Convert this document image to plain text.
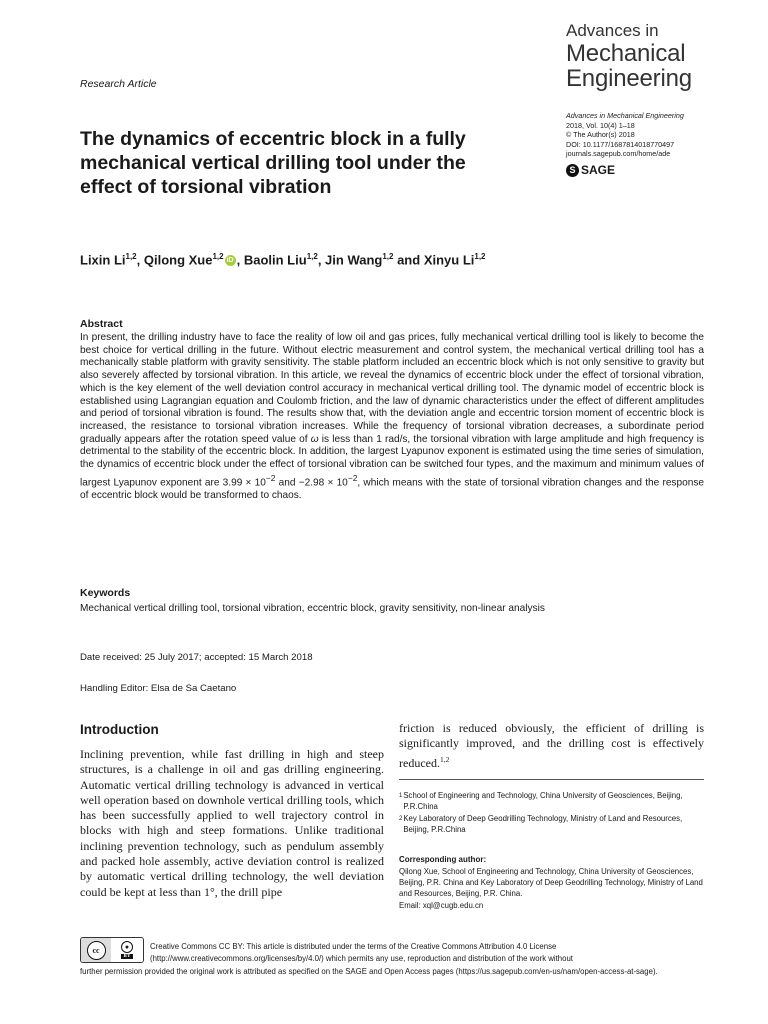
Advances in
Mechanical
Engineering
Research Article
Advances in Mechanical Engineering
2018, Vol. 10(4) 1–18
© The Author(s) 2018
DOI: 10.1177/1687814018770497
journals.sagepub.com/home/ade
S SAGE
The dynamics of eccentric block in a fully mechanical vertical drilling tool under the effect of torsional vibration
Lixin Li$^{1,2}$, Qilong Xue$^{1,2}$ iD , Baolin Liu$^{1,2}$, Jin Wang$^{1,2}$ and Xinyu Li$^{1,2}$
Abstract
In present, the drilling industry have to face the reality of low oil and gas prices, fully mechanical vertical drilling tool is likely to become the best choice for vertical drilling in the future. Without electric measurement and control system, the mechanical vertical drilling tool has a mechanically stable platform with gravity sensitivity. The stable platform included an eccentric block which is not only sensitive to gravity but also severely affected by torsional vibration. In this article, we reveal the dynamics of eccentric block under the effect of torsional vibration, which is the key element of the well deviation control accuracy in mechanical vertical drilling tool. The dynamic model of eccentric block is established using Lagrangian equation and Coulomb friction, and the law of dynamic characteristics under the effect of different amplitudes and period of torsional vibration is found. The results show that, with the deviation angle and eccentric torsion moment of eccentric block is increased, the resistance to torsional vibration increases. While the frequency of torsional vibration decreases, a subordinate period gradually appears after the rotation speed value of ω is less than 1 rad/s, the torsional vibration with large amplitude and high frequency is detrimental to the stability of the eccentric block. In addition, the largest Lyapunov exponent is estimated using the time series of simulation, the dynamics of eccentric block under the effect of torsional vibration can be switched four types, and the maximum and minimum values of largest Lyapunov exponent are $3.99 \times 10^{-2}$ and $-2.98 \times 10^{-2}$, which means with the state of torsional vibration changes and the response of eccentric block would be transformed to chaos.
Keywords
Mechanical vertical drilling tool, torsional vibration, eccentric block, gravity sensitivity, non-linear analysis
Date received: 25 July 2017; accepted: 15 March 2018
Handling Editor: Elsa de Sa Caetano
Introduction
Inclining prevention, while fast drilling in high and steep structures, is a challenge in oil and gas drilling engineering. Automatic vertical drilling technology is advanced in vertical well operation based on downhole vertical drilling tools, which has been successfully applied to well trajectory control in blocks with high and steep formations. Unlike traditional inclining prevention technology, such as pendulum assembly and packed hole assembly, active deviation control is realized by automatic vertical drilling technology, the well deviation could be kept at less than 1°, the drill pipe
friction is reduced obviously, the efficient of drilling is significantly improved, and the drilling cost is effectively reduced.$^{1,2}$
1 School of Engineering and Technology, China University of Geosciences, Beijing, P.R.China
2 Key Laboratory of Deep Geodrilling Technology, Ministry of Land and Resources, Beijing, P.R.China
Corresponding author:
Qilong Xue, School of Engineering and Technology, China University of Geosciences, Beijing, P.R. China and Key Laboratory of Deep Geodrilling Technology, Ministry of Land and Resources, Beijing, P.R. China.
Email: xql@cugb.edu.cn
cc	●
BY
Creative Commons CC BY: This article is distributed under the terms of the Creative Commons Attribution 4.0 License (http://www.creativecommons.org/licenses/by/4.0/) which permits any use, reproduction and distribution of the work without
further permission provided the original work is attributed as specified on the SAGE and Open Access pages (https://us.sagepub.com/en-us/nam/open-access-at-sage).
